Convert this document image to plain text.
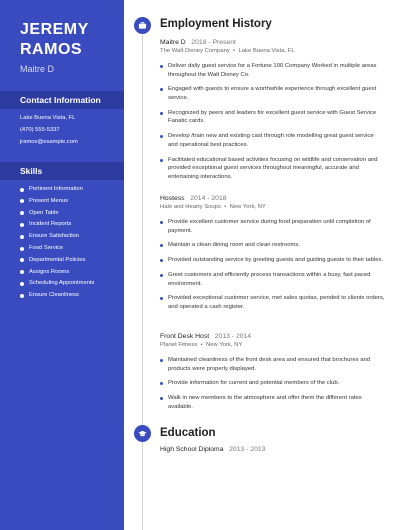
JEREMY
RAMOS
Maitre D
Contact Information
Lake Buena Vista, FL
(470) 555-5337
jramos@example.com
Skills
Pertinent Information
Present Menus
Open Table
Incident Reports
Ensure Satisfaction
Food Service
Departmental Policies
Assigns Rooms
Scheduling Appointments
Ensure Cleanliness
Employment History
Maitre D 2018 - Present
The Walt Disney Company  •  Lake Buena Vista, FL
Deliver daily guest service for a Fortune 100 Company Worked in multiple areas throughout the Walt Disney Co.
Engaged with guests to ensure a worthwhile experience through excellent guest service.
Recognized by peers and leaders for excellent guest service with Guest Service Fanatic cards.
Develop /train new and existing cast through role modelling great guest service and operational best practices.
Facilitated educational based activities focusing on wildlife and conservation and provided exceptional guest services throughout meaningful, accurate and entertaining interactions.
Hostess 2014 - 2018
Hale and Hearty Soups  •  New York, NY
Provide excellent customer service during food preparation until completion of payment.
Maintain a clean dining room and clean restrooms.
Provided outstanding service by greeting guests and guiding guests to their tables.
Greet customers and efficiently process transactions within a busy, fast paced environment.
Provided exceptional customer service, met sales quotas, pended to clients orders, and operated a cash register.
Front Desk Host 2013 - 2014
Planet Fitness  •  New York, NY
Maintained cleanliness of the front desk area and ensured that brochures and products were properly displayed.
Provide information for current and potential members of the club.
Walk in new members to the atmosphere and offer them the different rates available.
Education
High School Diploma 2013 - 2013
